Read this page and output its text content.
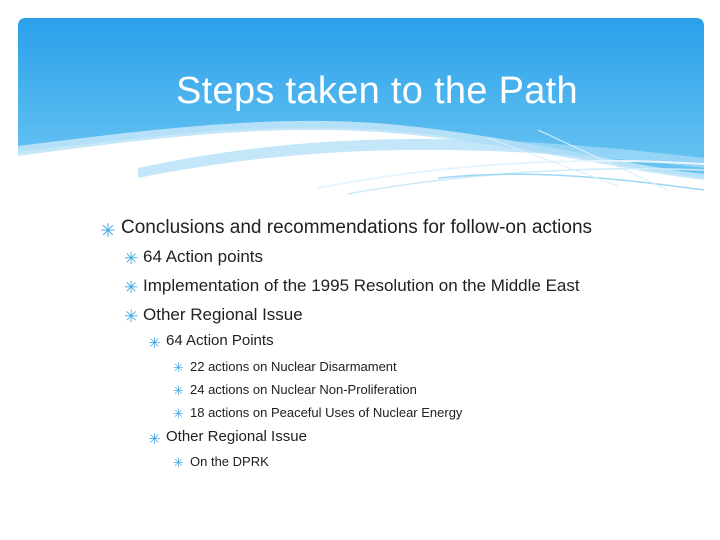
Steps taken to the Path
✳ Conclusions and recommendations for follow-on actions
✳ 64 Action points
✳ Implementation of the 1995 Resolution on the Middle East
✳ Other Regional Issue
✳ 64 Action Points
✳ 22 actions on Nuclear Disarmament
✳ 24 actions on Nuclear Non-Proliferation
✳ 18 actions on Peaceful Uses of Nuclear Energy
✳ Other Regional Issue
✳ On the DPRK
